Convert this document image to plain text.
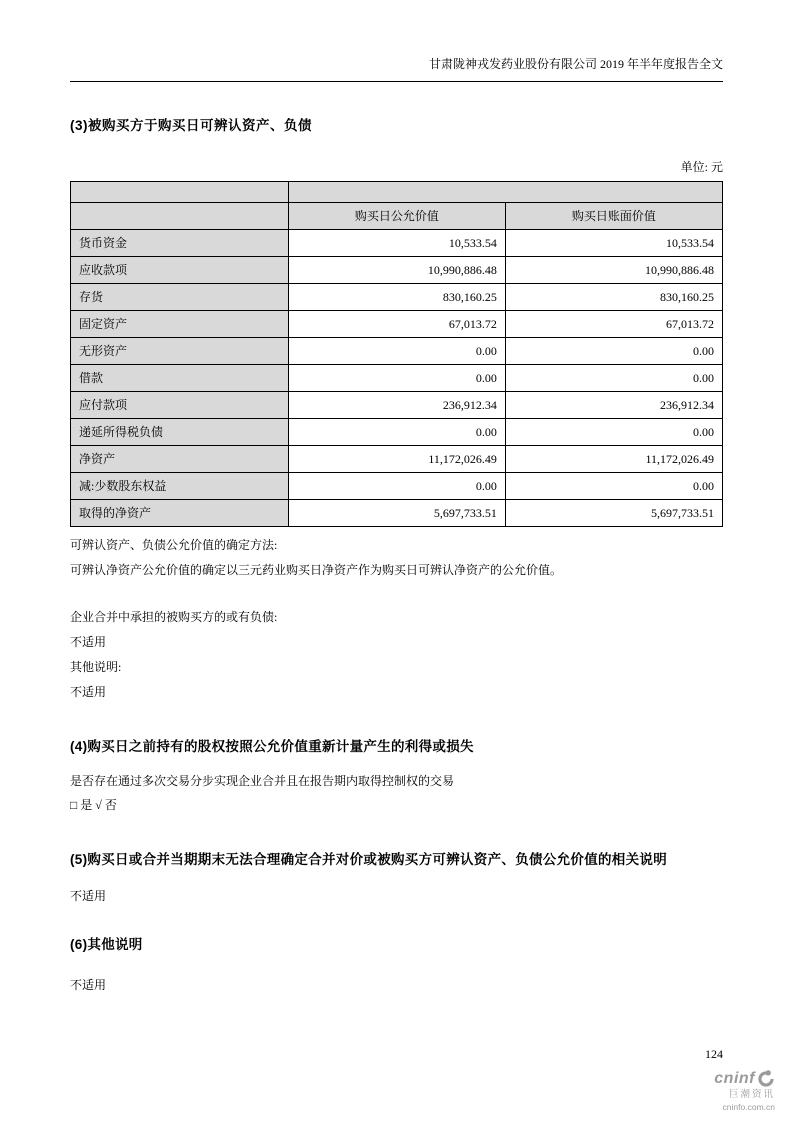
甘肃陇神戎发药业股份有限公司 2019 年半年度报告全文
(3)被购买方于购买日可辨认资产、负债
单位: 元

	购买日公允价值	购买日账面价值
货币资金	10,533.54	10,533.54
应收款项	10,990,886.48	10,990,886.48
存货	830,160.25	830,160.25
固定资产	67,013.72	67,013.72
无形资产	0.00	0.00
借款	0.00	0.00
应付款项	236,912.34	236,912.34
递延所得税负债	0.00	0.00
净资产	11,172,026.49	11,172,026.49
减:少数股东权益	0.00	0.00
取得的净资产	5,697,733.51	5,697,733.51

可辨认资产、负债公允价值的确定方法:

可辨认净资产公允价值的确定以三元药业购买日净资产作为购买日可辨认净资产的公允价值。

企业合并中承担的被购买方的或有负债:

不适用

其他说明:

不适用

(4)购买日之前持有的股权按照公允价值重新计量产生的利得或损失

是否存在通过多次交易分步实现企业合并且在报告期内取得控制权的交易

□ 是 √ 否

(5)购买日或合并当期期末无法合理确定合并对价或被购买方可辨认资产、负债公允价值的相关说明

不适用

(6)其他说明

不适用

124
cninf
巨潮资讯
cninfo.com.cn
